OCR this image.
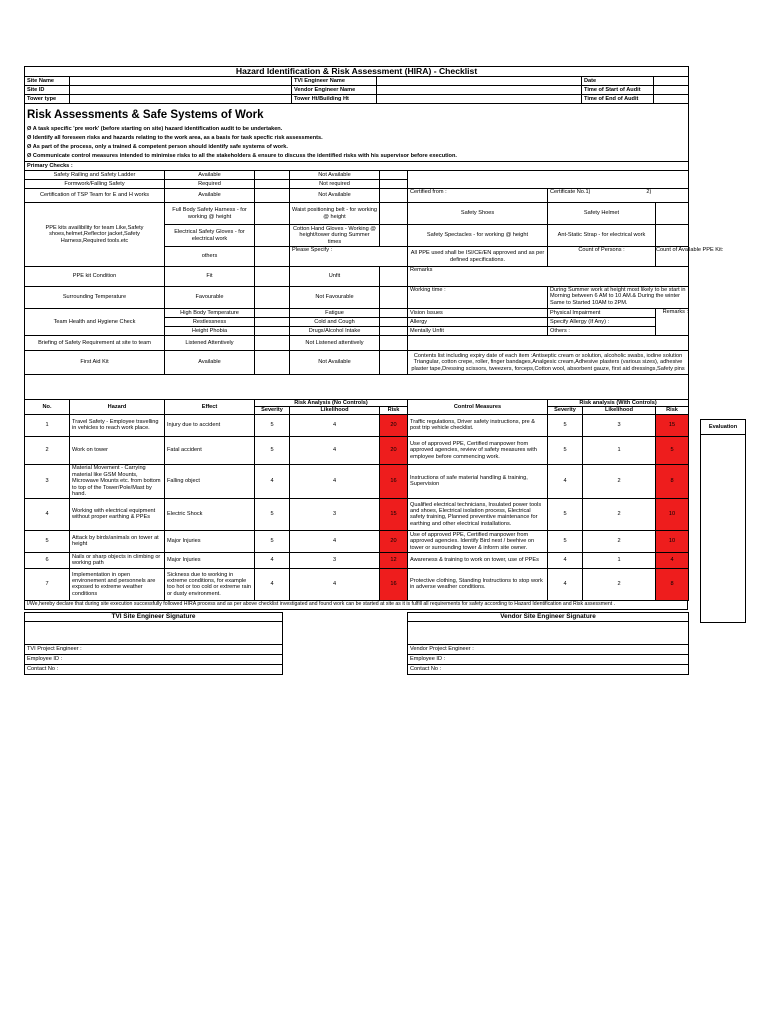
Hazard Identification & Risk Assessment (HIRA) - Checklist					
Site Name		TVI Engineer Name		Date	
Site ID		Vendor Engineer Name		Time of Start of Audit	
Tower type		Tower Ht/Building Ht		Time of End of Audit	

Risk Assessments & Safe Systems of Work					

Ø A task specific 'pre work' (before starting on site) hazard identification audit to be undertaken.					
Ø Identify all foreseen risks and hazards relating to the work area, as a basis for task specfic risk assessments.					
Ø As part of the process, only a trained & competent person should identify safe systems of work.					
Ø Communicate control measures intended to minimise risks to all the stakeholders & ensure to discuss the identified risks with his supervisor before execution.					
Primary Checks :							
Safety Railing and Safety Ladder	Available		Not Available				
Formwork/Falling Safety	Required		Not required				
Certification of TSP Team for E and H works	Available		Not Available		Certified from :	Certificate No.1) 2)	
PPE kits availibility for team Like,Safety shoes,helmet,Reflector jacket,Safety Harness,Required tools.etc	Full Body Safety Harness - for working @ height		Waist positioning belt - for working @ height		Safety Shoes	Safety Helmet	
	Electrical Safety Gloves - for electrical work		Cotton Hand Gloves - Working @ height/tower during Summer times		Safety Spectacles - for working @ height	Ant-Static Strap - for electrical work	
	others		Please Specify :		All PPE used shall be ISI/CE/EN approved and as per defined specifications.	Count of Persons :	Count of Available PPE Kit:
PPE kit Condition	Fit		Unfit		Remarks		
Surrounding Temperature	Favourable		Not Favourable		Working time :	During Summer work at height most likely to be start in Morning between 6 AM to 10 AM.& During the winter Same to Started 10AM to 2PM.	
Team Health and Hygiene Check	High Body Temperature		Fatigue		Vision Issues	Physical Impairment	Remarks :
	Restlessness		Cold and Cough		Allergy	Specify Allergy (If Any) :	
	Height Phobia		Drugs/Alcohol Intake		Mentally Unfit	Others :	
Briefing of Safety Requirement at site to team	Listened Attentively		Not Listened attentively				
First Aid Kit	Available		Not Available		Contents list including expiry date of each item :Antiseptic cream or solution, alcoholic swabs, iodine solution Triangular, cotton crepe, roller, finger bandages,Analgesic cream,Adhesive plasters (various sizes), adhesive plaster tape,Dressing scissors, tweezers, forceps,Cotton wool, absorbent gauze, first aid dressings,Safety pins		

No.	Hazard	Effect	Risk Analysis (No Controls)			Control Measures	Risk analysis (With Controls)			
			Severity	Likelihood	Risk		Severity	Likelihood	Risk	
1	Travel Safety - Employee travelling in vehicles to reach work place.	Injury due to accident	5	4	20	Traffic regulations, Driver safety instructions, pre & post trip vehicle checklist.	5	3	15
2	Work on tower	Fatal accident	5	4	20	Use of approved PPE, Certified manpower from approved agencies, review of safety measures with employee before commencing work.	5	1	5
3	Material Movement - Carrying material like GSM Mounts, Microwave Mounts etc. from bottom to top of the Tower/Pole/Mast by hand.	Falling object	4	4	16	Instructions of safe material handling & training, Supervision	4	2	8
4	Working with electrical equipment without proper earthing & PPEs	Electric Shock	5	3	15	Qualified electrical technicians, Insulated power tools and shoes, Electrical isolation process, Electrical safety training, Planned preventive maintenance for earthing and other electrical installations.	5	2	10
5	Attack by birds/animals on tower at height	Major Injuries	5	4	20	Use of approved PPE, Certified manpower from approved agencies. Identify Bird nest / beehive on tower or surrounding tower & inform site owner.	5	2	10
6	Nails or sharp objects in climbing or working path	Major Injuries	4	3	12	Awareness & training to work on tower, use of PPEs	4	1	4
7	Implementation in open environement and personnels are exposed to extreme weather conditions	Sickness due to working in extreme conditions, for example too hot or too cold or extreme rain or dusty environment.	4	4	16	Protective clothing, Standing Instructions to stop work in adverse weather conditions.	4	2	8
I/We,hereby declare that during site execution successfully followed HIRA process and as per above checklist investigated and found work can be started at site as it is fulfill all requirements for safety according to Hazard Identification and Risk assessment .
TVI Site Engineer Signature		Vendor Site Engineer Signature

TVI Project Engineer :		Vendor Project Engineer :
Employee ID :		Employee ID :
Contact No :		Contact No :
Evaluation
